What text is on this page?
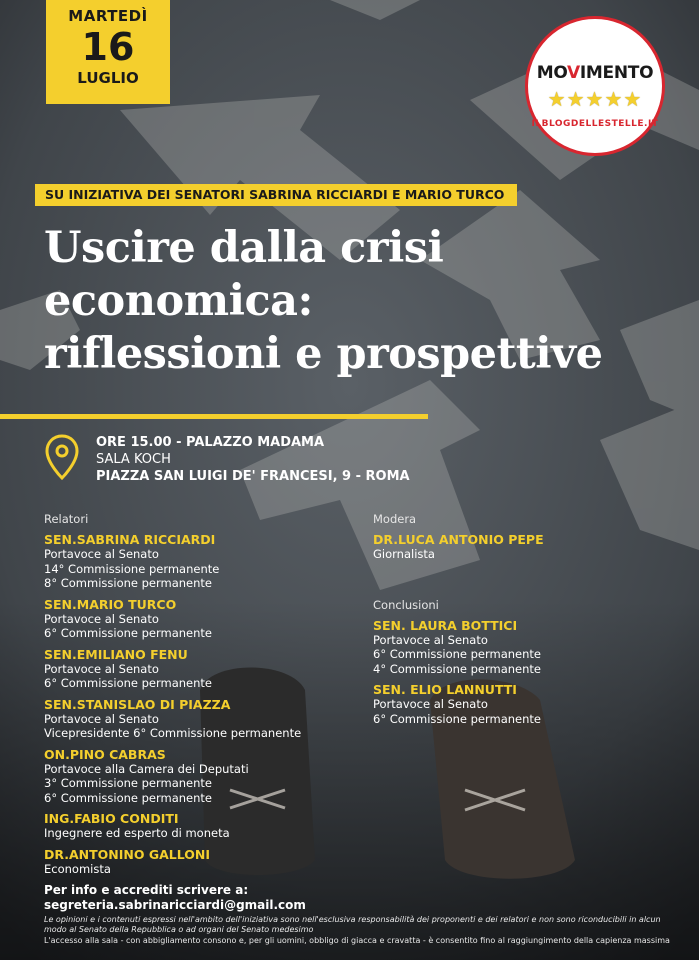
MARTEDÌ
16
LUGLIO	MOVIMENTO
★★★★★
ILBLOGDELLESTELLE.IT
SU INIZIATIVA DEI SENATORI SABRINA RICCIARDI E MARIO TURCO
Uscire dalla crisi
economica:
riflessioni e prospettive
ORE 15.00 - PALAZZO MADAMA
SALA KOCH
PIAZZA SAN LUIGI DE' FRANCESI, 9 - ROMA
Relatori
SEN.SABRINA RICCIARDI
Portavoce al Senato
14° Commissione permanente
8° Commissione permanente
SEN.MARIO TURCO
Portavoce al Senato
6° Commissione permanente
SEN.EMILIANO FENU
Portavoce al Senato
6° Commissione permanente
SEN.STANISLAO DI PIAZZA
Portavoce al Senato
Vicepresidente 6° Commissione permanente
ON.PINO CABRAS
Portavoce alla Camera dei Deputati
3° Commissione permanente
6° Commissione permanente
ING.FABIO CONDITI
Ingegnere ed esperto di moneta
DR.ANTONINO GALLONI
Economista
Modera
DR.LUCA ANTONIO PEPE
Giornalista
Conclusioni
SEN. LAURA BOTTICI
Portavoce al Senato
6° Commissione permanente
4° Commissione permanente
SEN. ELIO LANNUTTI
Portavoce al Senato
6° Commissione permanente
Per info e accrediti scrivere a:
segreteria.sabrinaricciardi@gmail.com
Le opinioni e i contenuti espressi nell'ambito dell'iniziativa sono nell'esclusiva responsabilità dei proponenti e dei relatori e non sono riconducibili in alcun modo al Senato della Repubblica o ad organi del Senato medesimo
L'accesso alla sala - con abbigliamento consono e, per gli uomini, obbligo di giacca e cravatta - è consentito fino al raggiungimento della capienza massima
